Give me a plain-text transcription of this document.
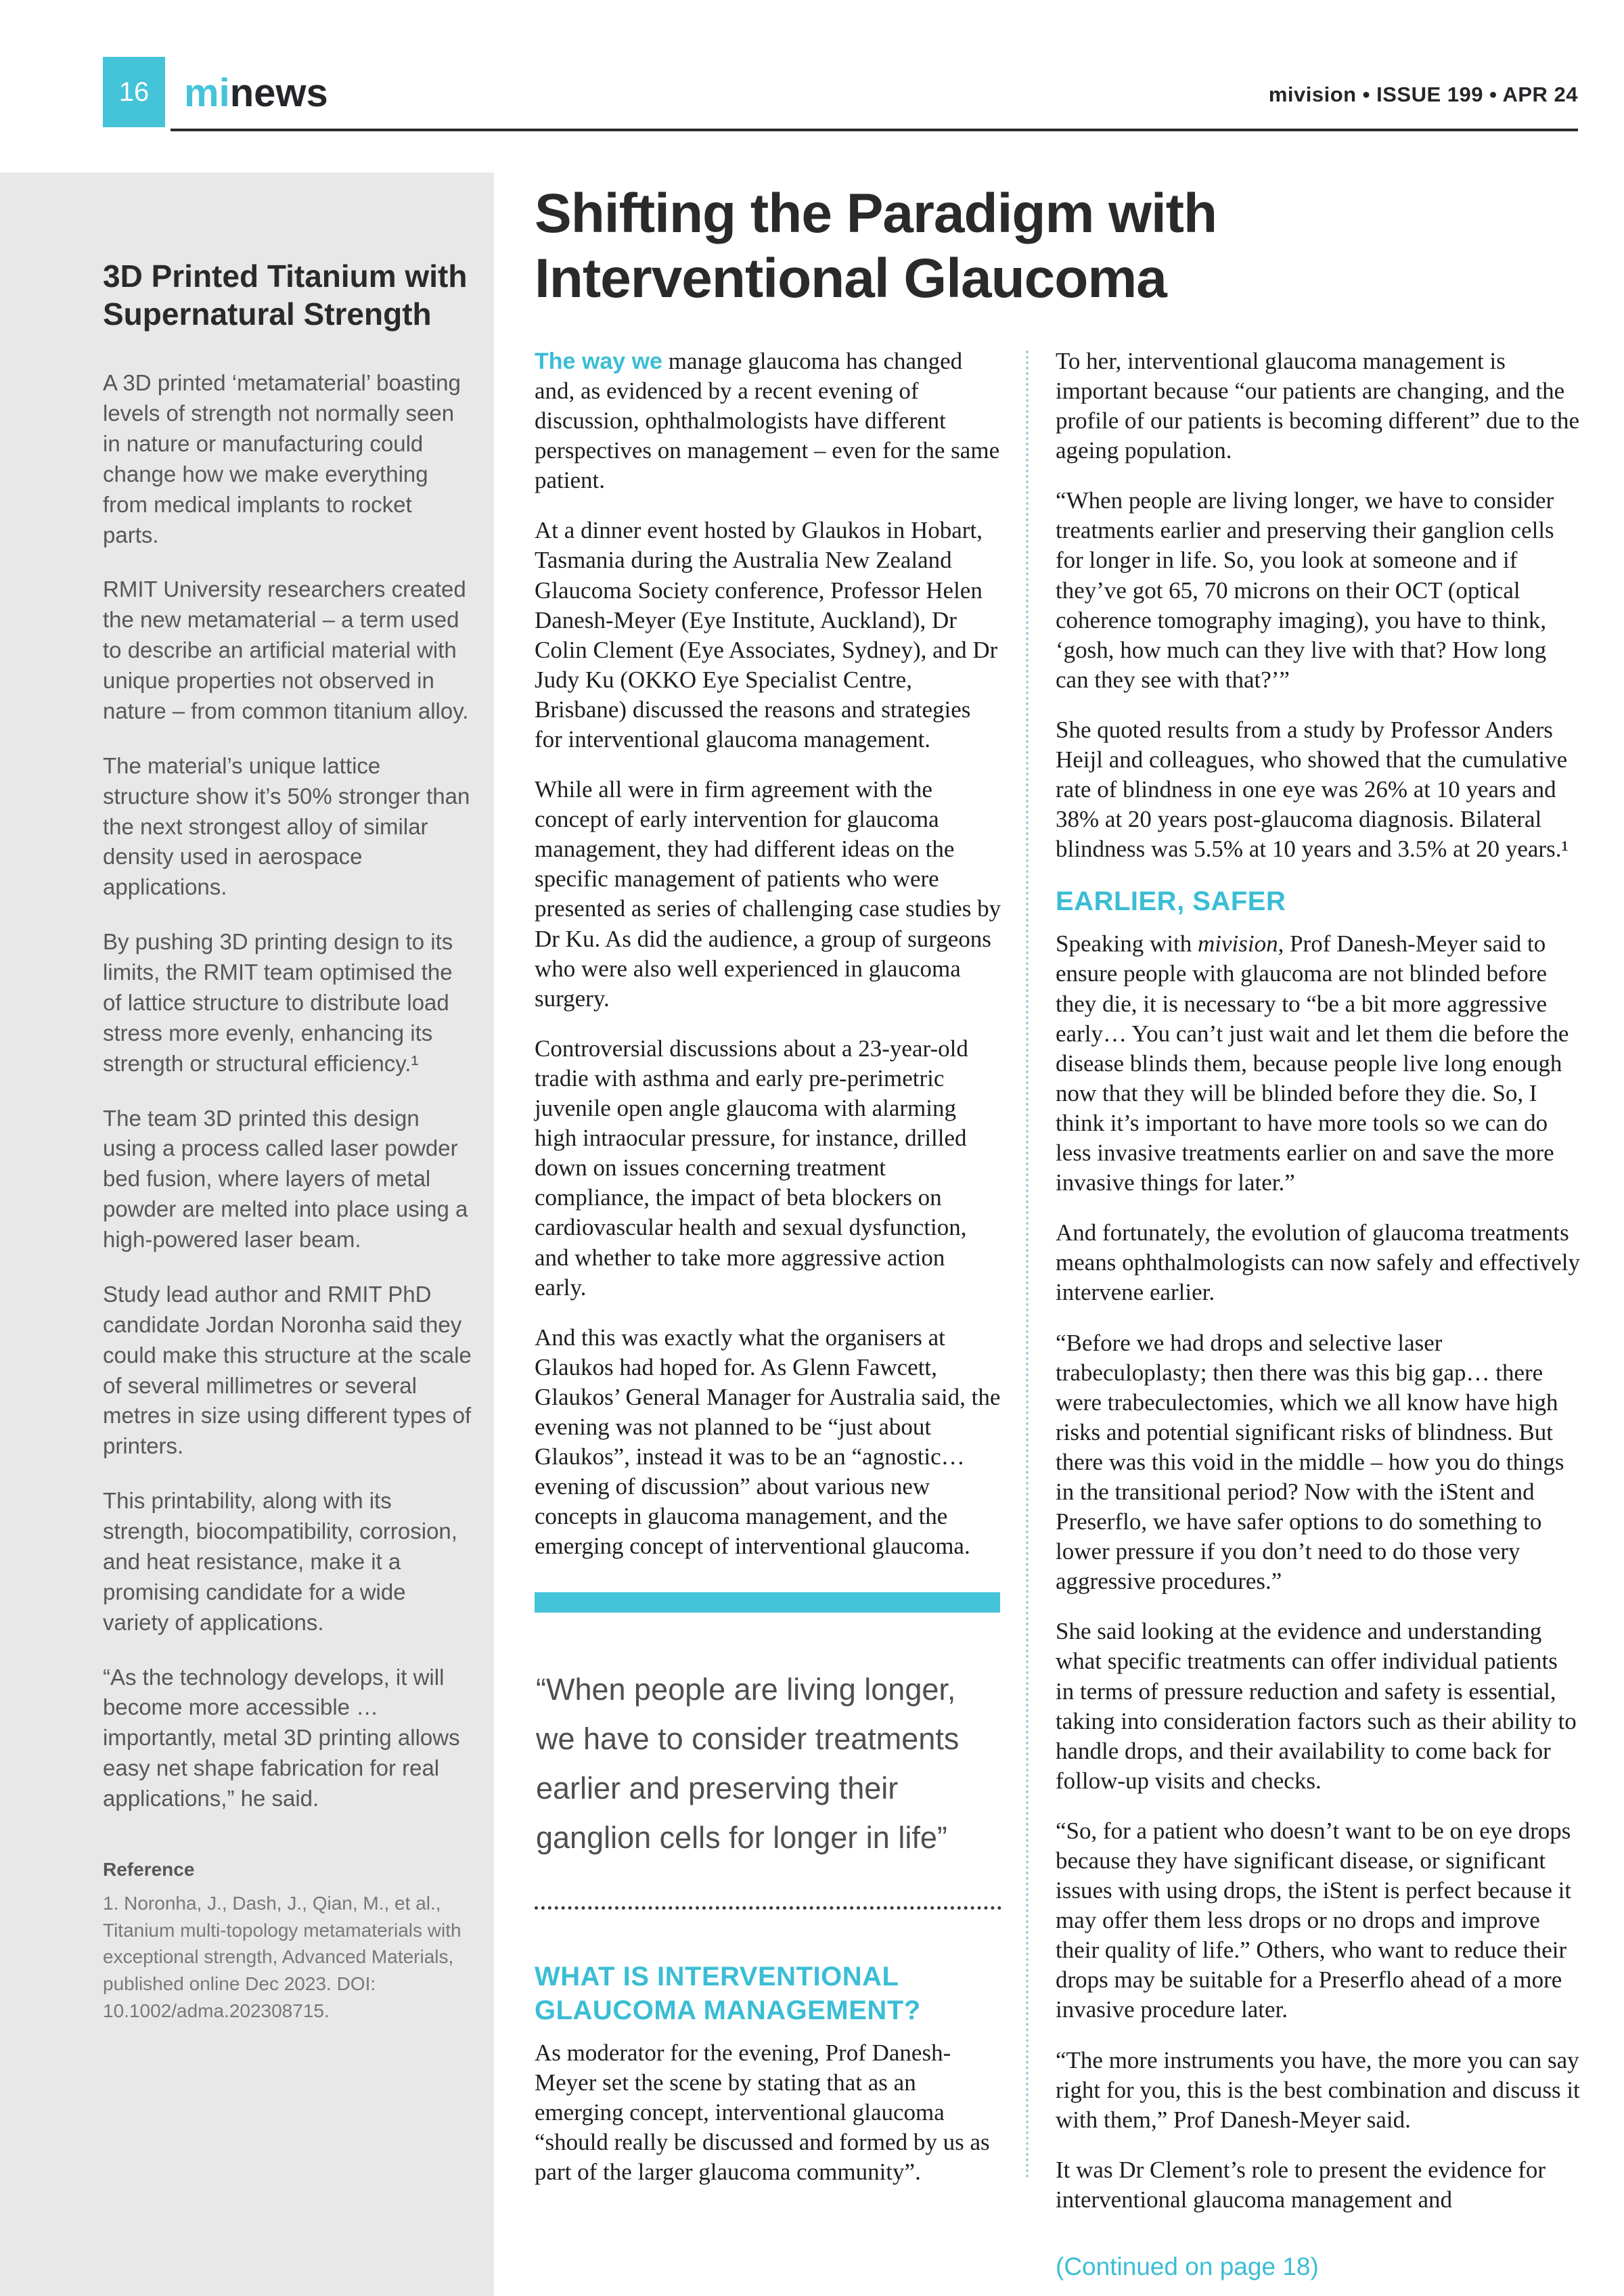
16 minews	mivision • ISSUE 199 • APR 24
3D Printed Titanium with Supernatural Strength

A 3D printed ‘metamaterial’ boasting levels of strength not normally seen in nature or manufacturing could change how we make everything from medical implants to rocket parts.

RMIT University researchers created the new metamaterial – a term used to describe an artificial material with unique properties not observed in nature – from common titanium alloy.

The material’s unique lattice structure show it’s 50% stronger than the next strongest alloy of similar density used in aerospace applications.

By pushing 3D printing design to its limits, the RMIT team optimised the of lattice structure to distribute load stress more evenly, enhancing its strength or structural efficiency.¹

The team 3D printed this design using a process called laser powder bed fusion, where layers of metal powder are melted into place using a high-powered laser beam.

Study lead author and RMIT PhD candidate Jordan Noronha said they could make this structure at the scale of several millimetres or several metres in size using different types of printers.

This printability, along with its strength, biocompatibility, corrosion, and heat resistance, make it a promising candidate for a wide variety of applications.

“As the technology develops, it will become more accessible … importantly, metal 3D printing allows easy net shape fabrication for real applications,” he said.

Reference
1. Noronha, J., Dash, J., Qian, M., et al., Titanium multi-topology metamaterials with exceptional strength, Advanced Materials, published online Dec 2023. DOI: 10.1002/adma.202308715.
Shifting the Paradigm with
Interventional Glaucoma

The way we manage glaucoma has changed and, as evidenced by a recent evening of discussion, ophthalmologists have different perspectives on management – even for the same patient.

At a dinner event hosted by Glaukos in Hobart, Tasmania during the Australia New Zealand Glaucoma Society conference, Professor Helen Danesh-Meyer (Eye Institute, Auckland), Dr Colin Clement (Eye Associates, Sydney), and Dr Judy Ku (OKKO Eye Specialist Centre, Brisbane) discussed the reasons and strategies for interventional glaucoma management.

While all were in firm agreement with the concept of early intervention for glaucoma management, they had different ideas on the specific management of patients who were presented as series of challenging case studies by Dr Ku. As did the audience, a group of surgeons who were also well experienced in glaucoma surgery.

Controversial discussions about a 23-year-old tradie with asthma and early pre-perimetric juvenile open angle glaucoma with alarming high intraocular pressure, for instance, drilled down on issues concerning treatment compliance, the impact of beta blockers on cardiovascular health and sexual dysfunction, and whether to take more aggressive action early.

And this was exactly what the organisers at Glaukos had hoped for. As Glenn Fawcett, Glaukos’ General Manager for Australia said, the evening was not planned to be “just about Glaukos”, instead it was to be an “agnostic… evening of discussion” about various new concepts in glaucoma management, and the emerging concept of interventional glaucoma.

“When people are living longer, we have to consider treatments earlier and preserving their ganglion cells for longer in life”
WHAT IS INTERVENTIONAL GLAUCOMA MANAGEMENT?

As moderator for the evening, Prof Danesh-Meyer set the scene by stating that as an emerging concept, interventional glaucoma “should really be discussed and formed by us as part of the larger glaucoma community”.

To her, interventional glaucoma management is important because “our patients are changing, and the profile of our patients is becoming different” due to the ageing population.

“When people are living longer, we have to consider treatments earlier and preserving their ganglion cells for longer in life. So, you look at someone and if they’ve got 65, 70 microns on their OCT (optical coherence tomography imaging), you have to think, ‘gosh, how much can they live with that? How long can they see with that?’”

She quoted results from a study by Professor Anders Heijl and colleagues, who showed that the cumulative rate of blindness in one eye was 26% at 10 years and 38% at 20 years post-glaucoma diagnosis. Bilateral blindness was 5.5% at 10 years and 3.5% at 20 years.¹

EARLIER, SAFER

Speaking with mivision, Prof Danesh-Meyer said to ensure people with glaucoma are not blinded before they die, it is necessary to “be a bit more aggressive early… You can’t just wait and let them die before the disease blinds them, because people live long enough now that they will be blinded before they die. So, I think it’s important to have more tools so we can do less invasive treatments earlier on and save the more invasive things for later.”

And fortunately, the evolution of glaucoma treatments means ophthalmologists can now safely and effectively intervene earlier.

“Before we had drops and selective laser trabeculoplasty; then there was this big gap… there were trabeculectomies, which we all know have high risks and potential significant risks of blindness. But there was this void in the middle – how you do things in the transitional period? Now with the iStent and Preserflo, we have safer options to do something to lower pressure if you don’t need to do those very aggressive procedures.”

She said looking at the evidence and understanding what specific treatments can offer individual patients in terms of pressure reduction and safety is essential, taking into consideration factors such as their ability to handle drops, and their availability to come back for follow-up visits and checks.

“So, for a patient who doesn’t want to be on eye drops because they have significant disease, or significant issues with using drops, the iStent is perfect because it may offer them less drops or no drops and improve their quality of life.” Others, who want to reduce their drops may be suitable for a Preserflo ahead of a more invasive procedure later.

“The more instruments you have, the more you can say right for you, this is the best combination and discuss it with them,” Prof Danesh-Meyer said.

It was Dr Clement’s role to present the evidence for interventional glaucoma management and

(Continued on page 18)
